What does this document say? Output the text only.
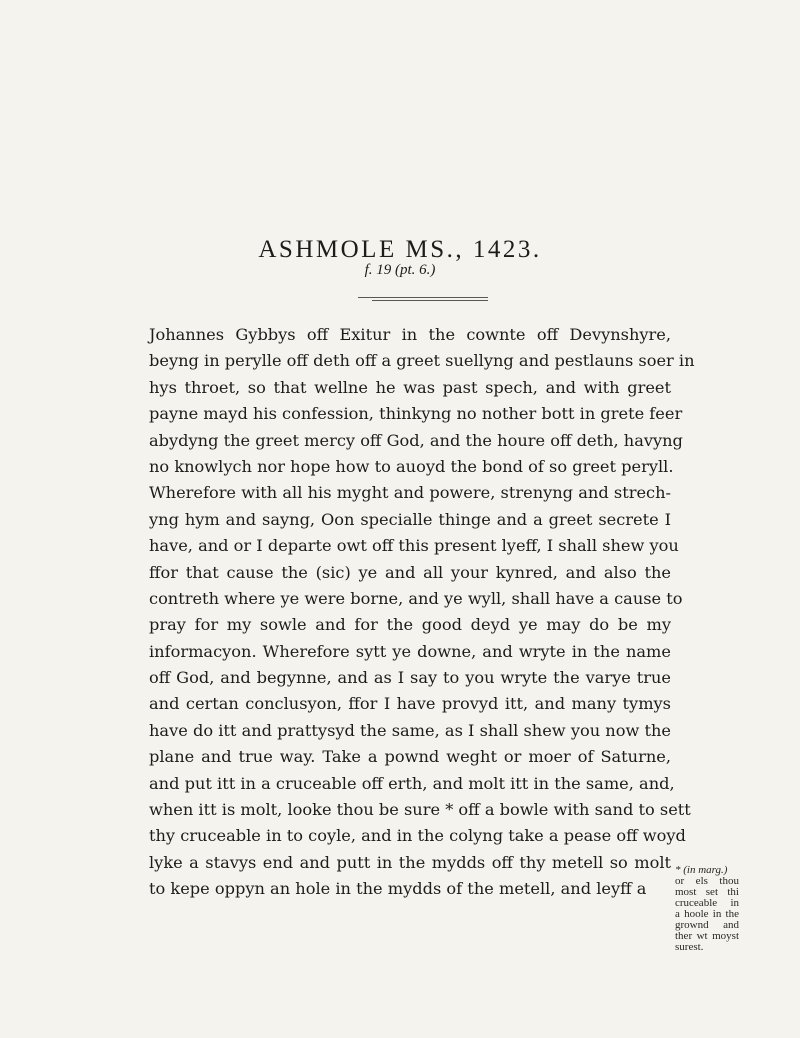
ASHMOLE MS., 1423.
f. 19 (pt. 6.)
Johannes Gybbys off Exitur in the cownte off Devynshyre,
beyng in perylle off deth off a greet suellyng and pestlauns soer in
hys throet, so that wellne he was past spech, and with greet
payne mayd his confession, thinkyng no nother bott in grete feer
abydyng the greet mercy off God, and the houre off deth, havyng
no knowlych nor hope how to auoyd the bond of so greet peryll.
Wherefore with all his myght and powere, strenyng and strech-
yng hym and sayng, Oon specialle thinge and a greet secrete I
have, and or I departe owt off this present lyeff, I shall shew you
ffor that cause the (sic) ye and all your kynred, and also the
contreth where ye were borne, and ye wyll, shall have a cause to
pray for my sowle and for the good deyd ye may do be my
informacyon. Wherefore sytt ye downe, and wryte in the name
off God, and begynne, and as I say to you wryte the varye true
and certan conclusyon, ffor I have provyd itt, and many tymys
have do itt and prattysyd the same, as I shall shew you now the
plane and true way. Take a pownd weght or moer of Saturne,
and put itt in a cruceable off erth, and molt itt in the same, and,
when itt is molt, looke thou be sure * off a bowle with sand to sett
thy cruceable in to coyle, and in the colyng take a pease off woyd
lyke a stavys end and putt in the mydds off thy metell so molt
to kepe oppyn an hole in the mydds of the metell, and leyff a
* (in marg.)
or els thou
most set thi
cruceable in
a hoole in the
grownd and
ther wt moyst
surest.
